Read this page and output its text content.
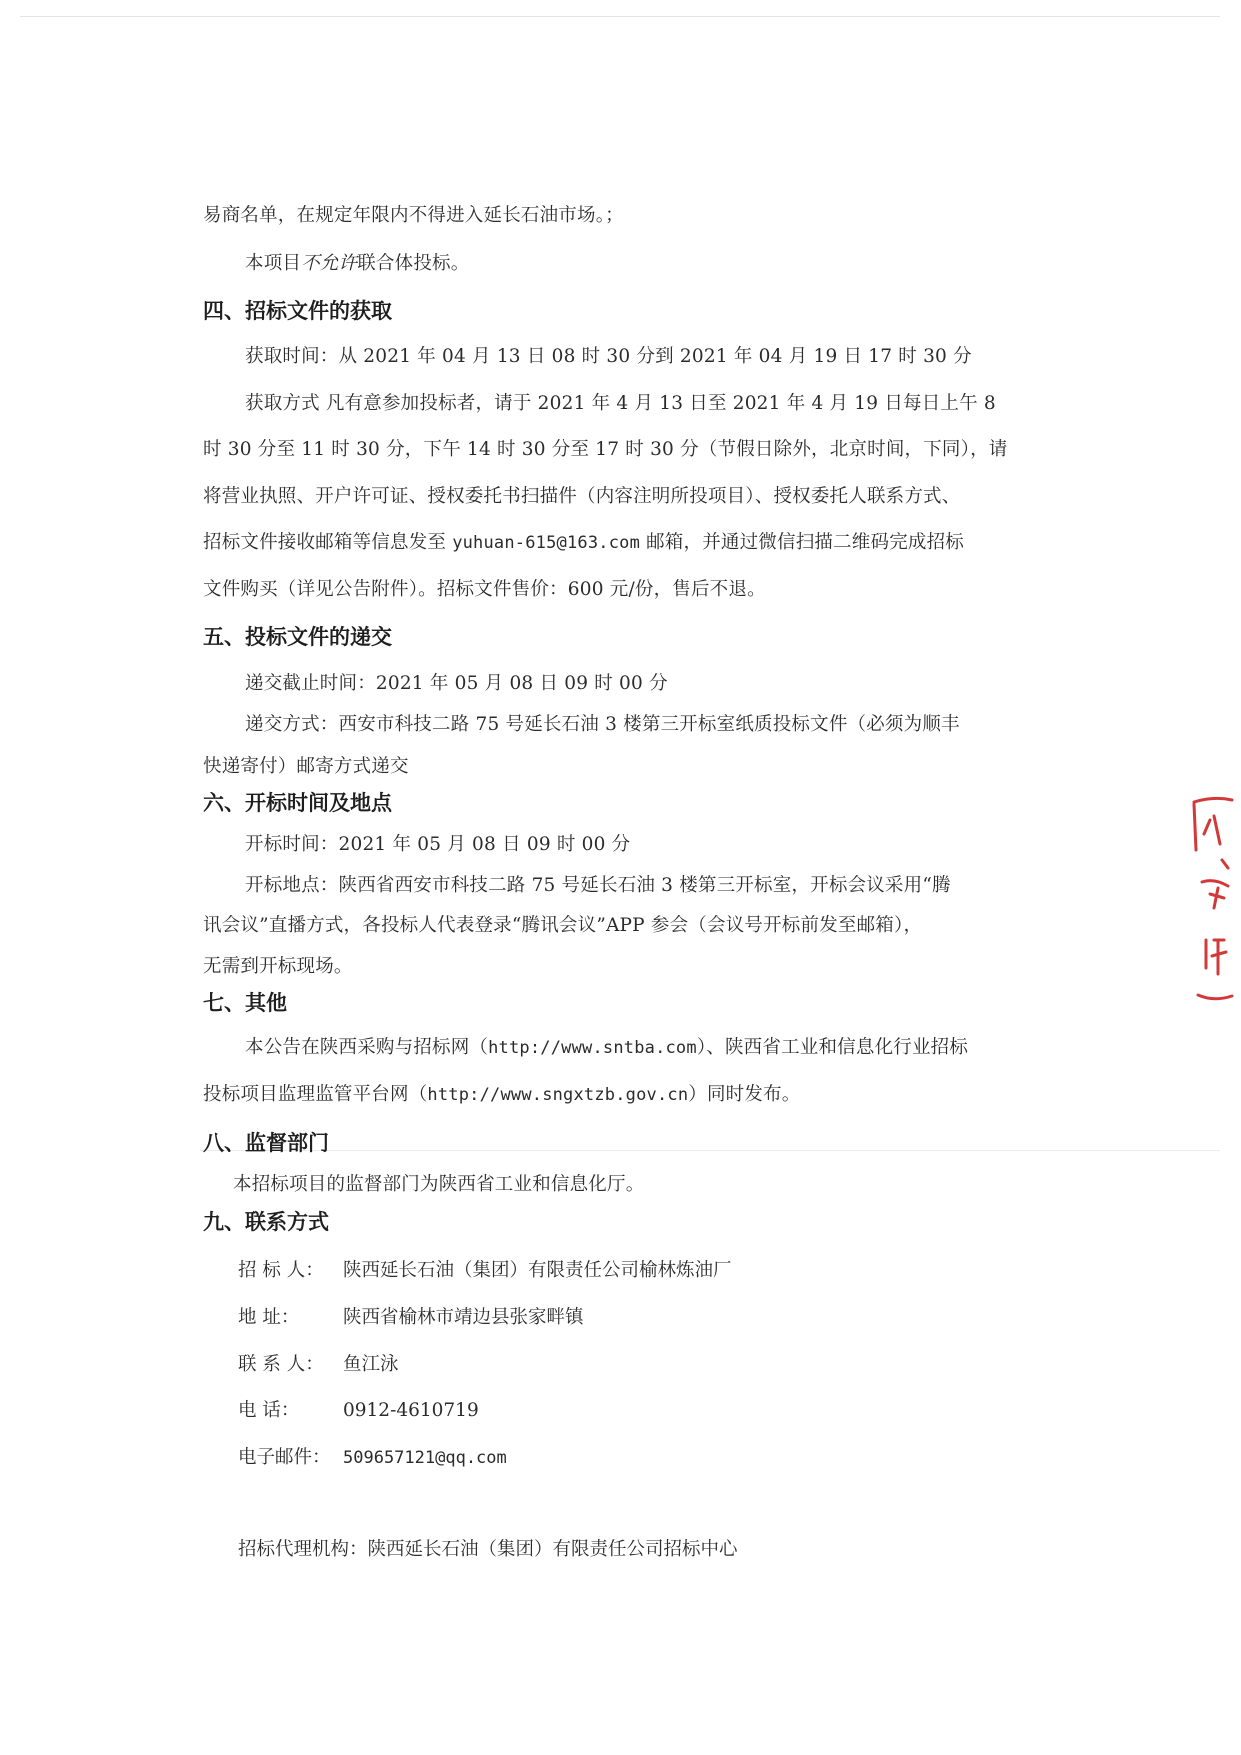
易商名单，在规定年限内不得进入延长石油市场。；
本项目不允许联合体投标。
四、招标文件的获取
获取时间：从 2021 年 04 月 13 日 08 时 30 分到 2021 年 04 月 19 日 17 时 30 分
获取方式 凡有意参加投标者，请于 2021 年 4 月 13 日至 2021 年 4 月 19 日每日上午 8
时 30 分至 11 时 30 分，下午 14 时 30 分至 17 时 30 分（节假日除外，北京时间，下同），请
将营业执照、开户许可证、授权委托书扫描件（内容注明所投项目）、授权委托人联系方式、
招标文件接收邮箱等信息发至 yuhuan-615@163.com 邮箱，并通过微信扫描二维码完成招标
文件购买（详见公告附件）。招标文件售价：600 元/份，售后不退。
五、投标文件的递交
递交截止时间：2021 年 05 月 08 日 09 时 00 分
递交方式：西安市科技二路 75 号延长石油 3 楼第三开标室纸质投标文件（必须为顺丰
快递寄付）邮寄方式递交
六、开标时间及地点
开标时间：2021 年 05 月 08 日 09 时 00 分
开标地点：陕西省西安市科技二路 75 号延长石油 3 楼第三开标室，开标会议采用“腾
讯会议”直播方式，各投标人代表登录“腾讯会议”APP 参会（会议号开标前发至邮箱），
无需到开标现场。
七、其他
本公告在陕西采购与招标网（http://www.sntba.com）、陕西省工业和信息化行业招标
投标项目监理监管平台网（http://www.sngxtzb.gov.cn）同时发布。
八、监督部门
本招标项目的监督部门为陕西省工业和信息化厅。
九、联系方式
招 标 人： 陕西延长石油（集团）有限责任公司榆林炼油厂
地 址： 陕西省榆林市靖边县张家畔镇
联 系 人： 鱼江泳
电 话： 0912-4610719
电子邮件： 509657121@qq.com
招标代理机构：陕西延长石油（集团）有限责任公司招标中心
